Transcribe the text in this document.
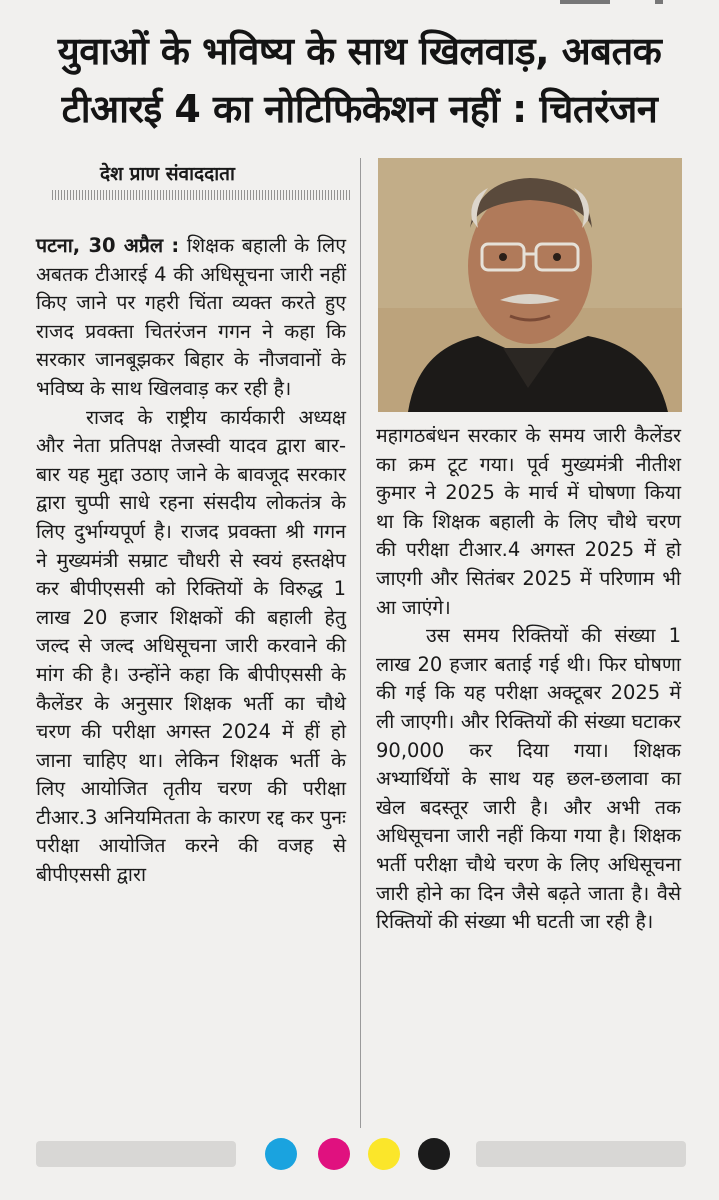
युवाओं के भविष्य के साथ खिलवाड़, अबतक
टीआरई 4 का नोटिफिकेशन नहीं : चितरंजन
देश प्राण संवाददाता

पटना, 30 अप्रैल : शिक्षक बहाली के लिए अबतक टीआरई 4 की अधिसूचना जारी नहीं किए जाने पर गहरी चिंता व्यक्त करते हुए राजद प्रवक्ता चितरंजन गगन ने कहा कि सरकार जानबूझकर बिहार के नौजवानों के भविष्य के साथ खिलवाड़ कर रही है।

राजद के राष्ट्रीय कार्यकारी अध्यक्ष और नेता प्रतिपक्ष तेजस्वी यादव द्वारा बार-बार यह मुद्दा उठाए जाने के बावजूद सरकार द्वारा चुप्पी साधे रहना संसदीय लोकतंत्र के लिए दुर्भाग्यपूर्ण है। राजद प्रवक्ता श्री गगन ने मुख्यमंत्री सम्राट चौधरी से स्वयं हस्तक्षेप कर बीपीएससी को रिक्तियों के विरुद्ध 1 लाख 20 हजार शिक्षकों की बहाली हेतु जल्द से जल्द अधिसूचना जारी करवाने की मांग की है। उन्होंने कहा कि बीपीएससी के कैलेंडर के अनुसार शिक्षक भर्ती का चौथे चरण की परीक्षा अगस्त 2024 में हीं हो जाना चाहिए था। लेकिन शिक्षक भर्ती के लिए आयोजित तृतीय चरण की परीक्षा टीआर.3 अनियमितता के कारण रद्द कर पुनः परीक्षा आयोजित करने की वजह से बीपीएससी द्वारा

महागठबंधन सरकार के समय जारी कैलेंडर का क्रम टूट गया। पूर्व मुख्यमंत्री नीतीश कुमार ने 2025 के मार्च में घोषणा किया था कि शिक्षक बहाली के लिए चौथे चरण की परीक्षा टीआर.4 अगस्त 2025 में हो जाएगी और सितंबर 2025 में परिणाम भी आ जाएंगे।

उस समय रिक्तियों की संख्या 1 लाख 20 हजार बताई गई थी। फिर घोषणा की गई कि यह परीक्षा अक्टूबर 2025 में ली जाएगी। और रिक्तियों की संख्या घटाकर 90,000 कर दिया गया। शिक्षक अभ्यार्थियों के साथ यह छल-छलावा का खेल बदस्तूर जारी है। और अभी तक अधिसूचना जारी नहीं किया गया है। शिक्षक भर्ती परीक्षा चौथे चरण के लिए अधिसूचना जारी होने का दिन जैसे बढ़ते जाता है। वैसे रिक्तियों की संख्या भी घटती जा रही है।
